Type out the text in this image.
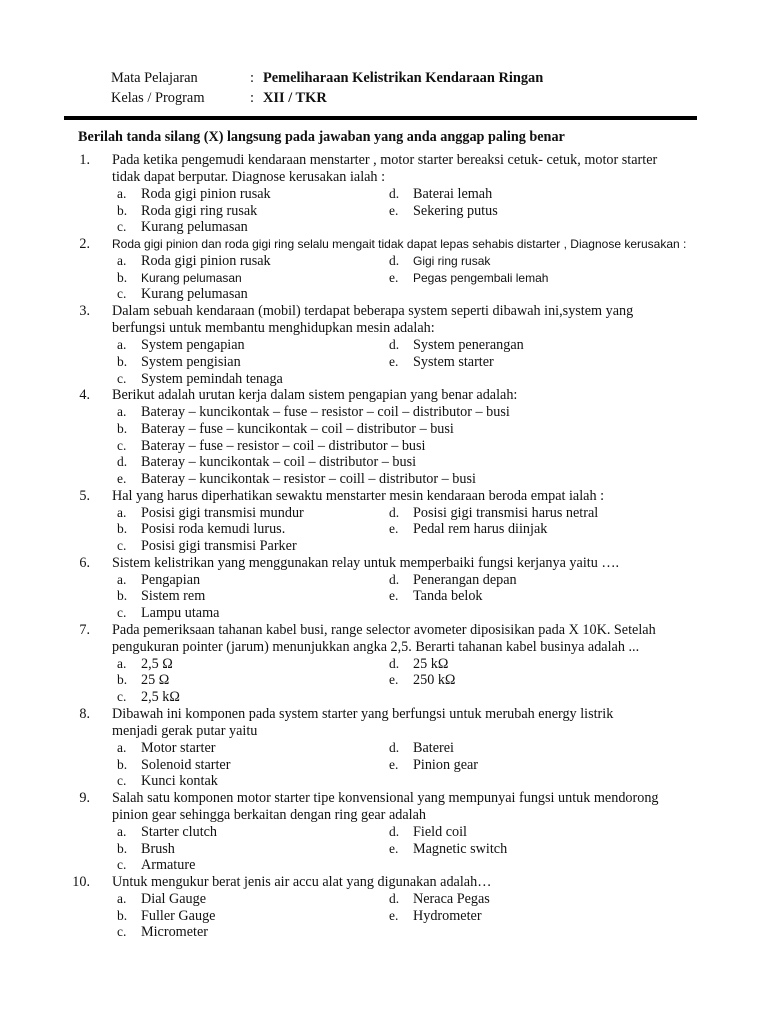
Mata Pelajaran	: Pemeliharaan Kelistrikan Kendaraan Ringan
Kelas / Program	: XII / TKR
Berilah tanda silang (X) langsung pada jawaban yang anda anggap paling benar
1. Pada ketika pengemudi kendaraan menstarter , motor starter bereaksi cetuk- cetuk, motor starter
tidak dapat berputar. Diagnose kerusakan ialah :
a.	Roda gigi pinion rusak	d. Baterai lemah
b. Roda gigi ring rusak	e.	Sekering putus
c.	Kurang pelumasan
2. Roda gigi pinion dan roda gigi ring selalu mengait tidak dapat lepas sehabis distarter , Diagnose kerusakan :
a.	Roda gigi pinion rusak	d.	Gigi ring rusak
b.	Kurang pelumasan	e.	Pegas pengembali lemah
c.	Kurang pelumasan
3. Dalam sebuah kendaraan (mobil) terdapat beberapa system seperti dibawah ini,system yang
berfungsi untuk membantu menghidupkan mesin adalah:
a.	System pengapian	d. System penerangan
b. System pengisian	e.	System starter
c.	System pemindah tenaga
4. Berikut adalah urutan kerja dalam sistem pengapian yang benar adalah:
a.	Bateray – kuncikontak – fuse – resistor – coil – distributor – busi
b. Bateray – fuse – kuncikontak – coil – distributor – busi
c.	Bateray – fuse – resistor – coil – distributor – busi
d. Bateray – kuncikontak – coil – distributor – busi
e.	Bateray – kuncikontak – resistor – coill – distributor – busi
5. Hal yang harus diperhatikan sewaktu menstarter mesin kendaraan beroda empat ialah :
a.	Posisi gigi transmisi mundur	d. Posisi gigi transmisi harus netral
b. Posisi roda kemudi lurus.	e.	Pedal rem harus diinjak
c.	Posisi gigi transmisi Parker
6. Sistem kelistrikan yang menggunakan relay untuk memperbaiki fungsi kerjanya yaitu ….
a.	Pengapian	d. Penerangan depan
b. Sistem rem	e.	Tanda belok
c.	Lampu utama
7. Pada pemeriksaan tahanan kabel busi, range selector avometer diposisikan pada X 10K. Setelah
pengukuran pointer (jarum) menunjukkan angka 2,5. Berarti tahanan kabel businya adalah ...
a.	2,5 Ω	d. 25 kΩ
b. 25 Ω	e.	250 kΩ
c.	2,5 kΩ
8. Dibawah ini komponen pada system starter yang berfungsi untuk merubah energy listrik
menjadi gerak putar yaitu
a.	Motor starter	d. Baterei
b. Solenoid starter	e.	Pinion gear
c.	Kunci kontak
9. Salah satu komponen motor starter tipe konvensional yang mempunyai fungsi untuk mendorong
pinion gear sehingga berkaitan dengan ring gear adalah
a.	Starter clutch	d. Field coil
b. Brush	e.	Magnetic switch
c.	Armature
10. Untuk mengukur berat jenis air accu alat yang digunakan adalah…
a.	Dial Gauge	d. Neraca Pegas
b. Fuller Gauge	e.	Hydrometer
c.	Micrometer
